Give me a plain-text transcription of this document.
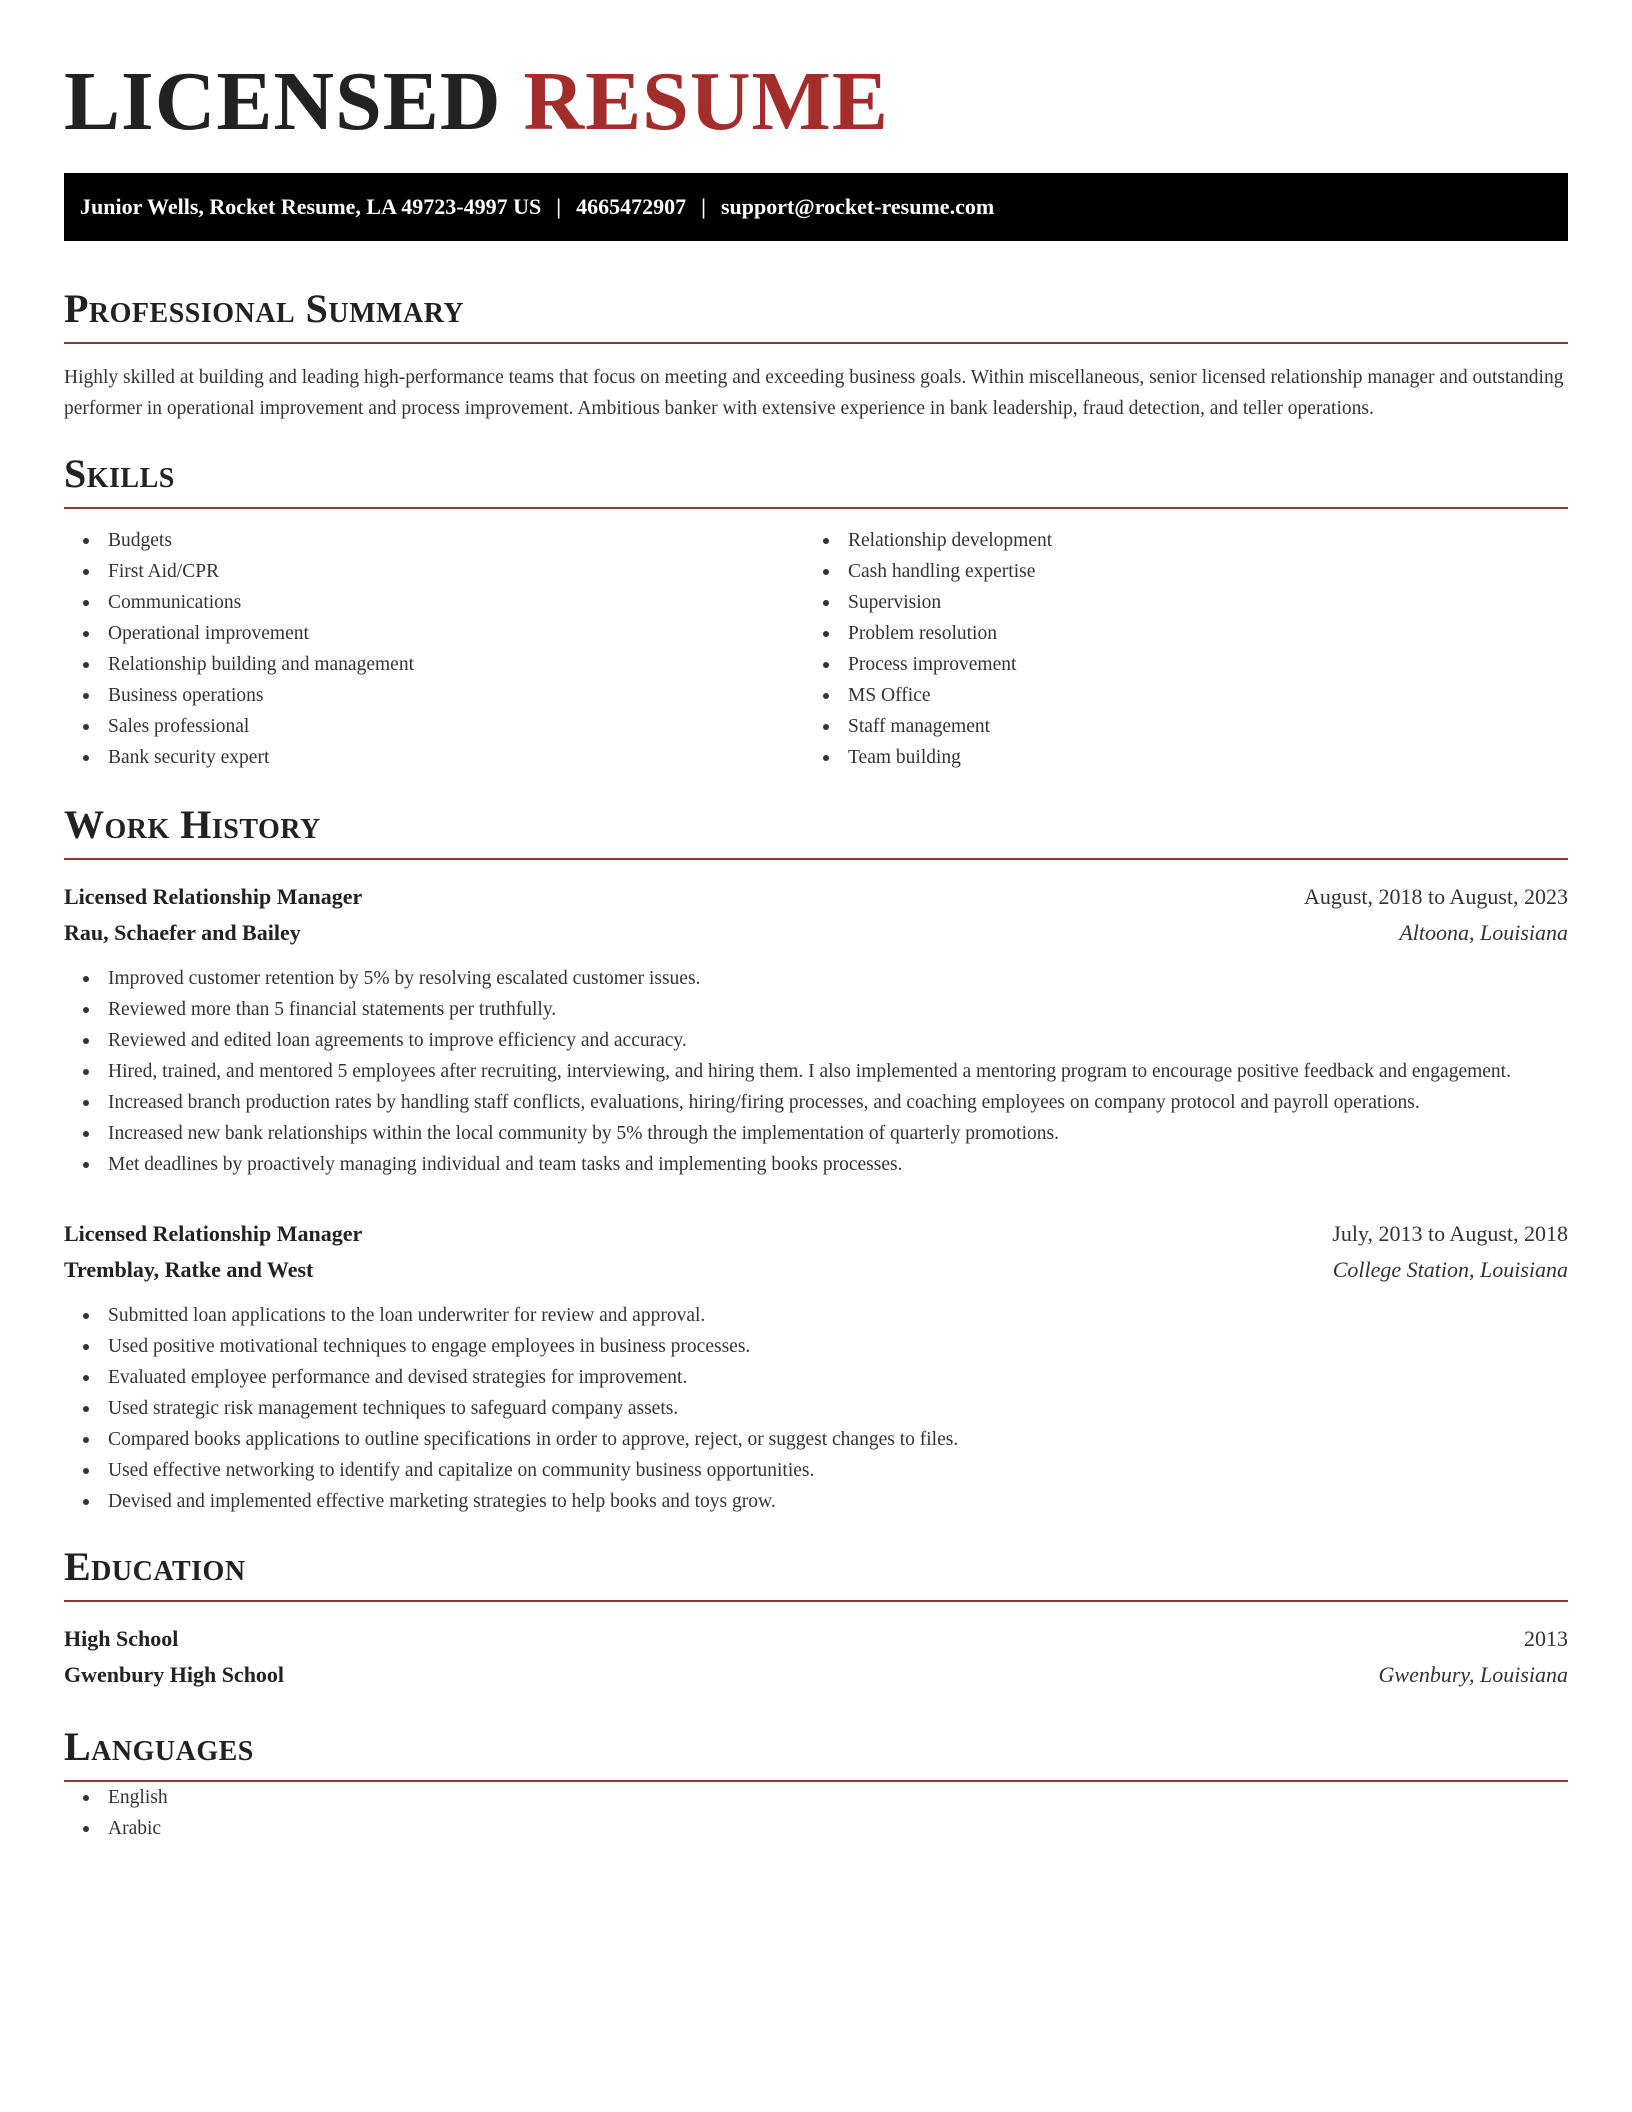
LICENSED RESUME
Junior Wells, Rocket Resume, LA 49723-4997 US | 4665472907 | support@rocket-resume.com
Professional Summary

Highly skilled at building and leading high-performance teams that focus on meeting and exceeding business goals. Within miscellaneous, senior licensed relationship manager and outstanding performer in operational improvement and process improvement. Ambitious banker with extensive experience in bank leadership, fraud detection, and teller operations.

Skills
Budgets
First Aid/CPR
Communications
Operational improvement
Relationship building and management
Business operations
Sales professional
Bank security expert
Relationship development
Cash handling expertise
Supervision
Problem resolution
Process improvement
MS Office
Staff management
Team building
Work History
Licensed Relationship Manager	August, 2018 to August, 2023
Rau, Schaefer and Bailey	Altoona, Louisiana
Improved customer retention by 5% by resolving escalated customer issues.
Reviewed more than 5 financial statements per truthfully.
Reviewed and edited loan agreements to improve efficiency and accuracy.
Hired, trained, and mentored 5 employees after recruiting, interviewing, and hiring them. I also implemented a mentoring program to encourage positive feedback and engagement.
Increased branch production rates by handling staff conflicts, evaluations, hiring/firing processes, and coaching employees on company protocol and payroll operations.
Increased new bank relationships within the local community by 5% through the implementation of quarterly promotions.
Met deadlines by proactively managing individual and team tasks and implementing books processes.
Licensed Relationship Manager	July, 2013 to August, 2018
Tremblay, Ratke and West	College Station, Louisiana
Submitted loan applications to the loan underwriter for review and approval.
Used positive motivational techniques to engage employees in business processes.
Evaluated employee performance and devised strategies for improvement.
Used strategic risk management techniques to safeguard company assets.
Compared books applications to outline specifications in order to approve, reject, or suggest changes to files.
Used effective networking to identify and capitalize on community business opportunities.
Devised and implemented effective marketing strategies to help books and toys grow.
Education
High School	2013
Gwenbury High School	Gwenbury, Louisiana
Languages
English
Arabic
